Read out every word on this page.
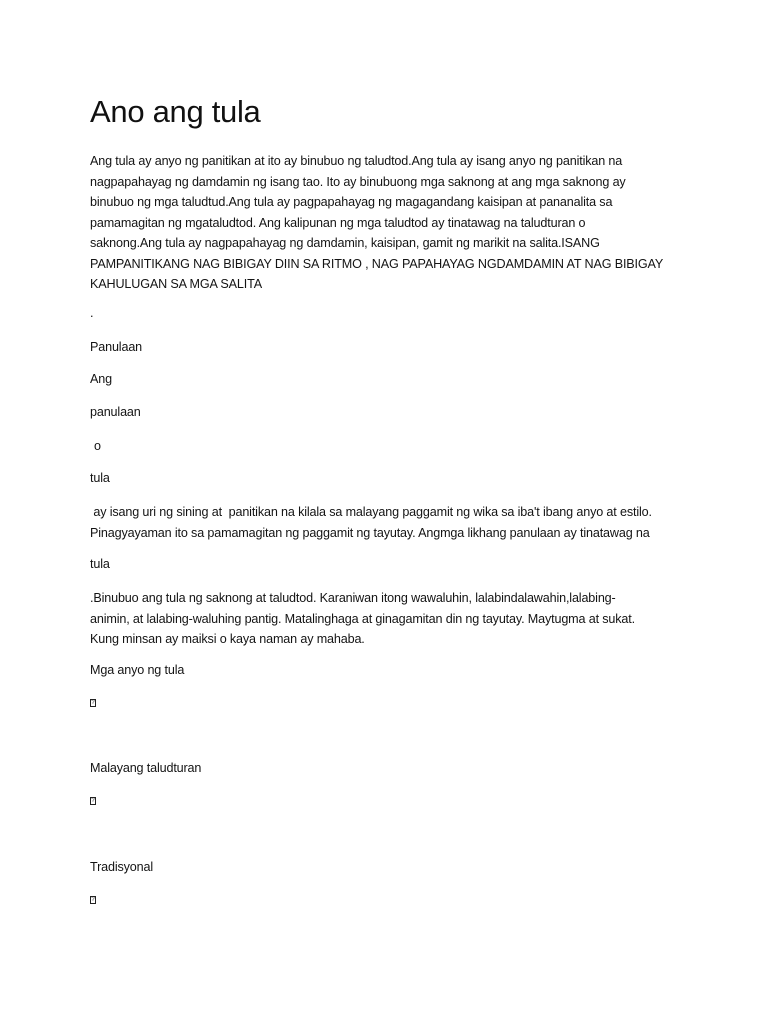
Ano ang tula
Ang tula ay anyo ng panitikan at ito ay binubuo ng taludtod.Ang tula ay isang anyo ng panitikan na
nagpapahayag ng damdamin ng isang tao. Ito ay binubuong mga saknong at ang mga saknong ay
binubuo ng mga taludtud.Ang tula ay pagpapahayag ng magagandang kaisipan at pananalita sa
pamamagitan ng mgataludtod. Ang kalipunan ng mga taludtod ay tinatawag na taludturan o
saknong.Ang tula ay nagpapahayag ng damdamin, kaisipan, gamit ng marikit na salita.ISANG
PAMPANITIKANG NAG BIBIGAY DIIN SA RITMO , NAG PAPAHAYAG NGDAMDAMIN AT NAG BIBIGAY
KAHULUGAN SA MGA SALITA
.
Panulaan
Ang
panulaan
o
tula
ay isang uri ng sining at  panitikan na kilala sa malayang paggamit ng wika sa iba't ibang anyo at estilo.
Pinagyayaman ito sa pamamagitan ng paggamit ng tayutay. Angmga likhang panulaan ay tinatawag na
tula
.Binubuo ang tula ng saknong at taludtod. Karaniwan itong wawaluhin, lalabindalawahin,lalabing-
animin, at lalabing-waluhing pantig. Matalinghaga at ginagamitan din ng tayutay. Maytugma at sukat.
Kung minsan ay maiksi o kaya naman ay mahaba.
Mga anyo ng tula
?
Malayang taludturan
?
Tradisyonal
?
